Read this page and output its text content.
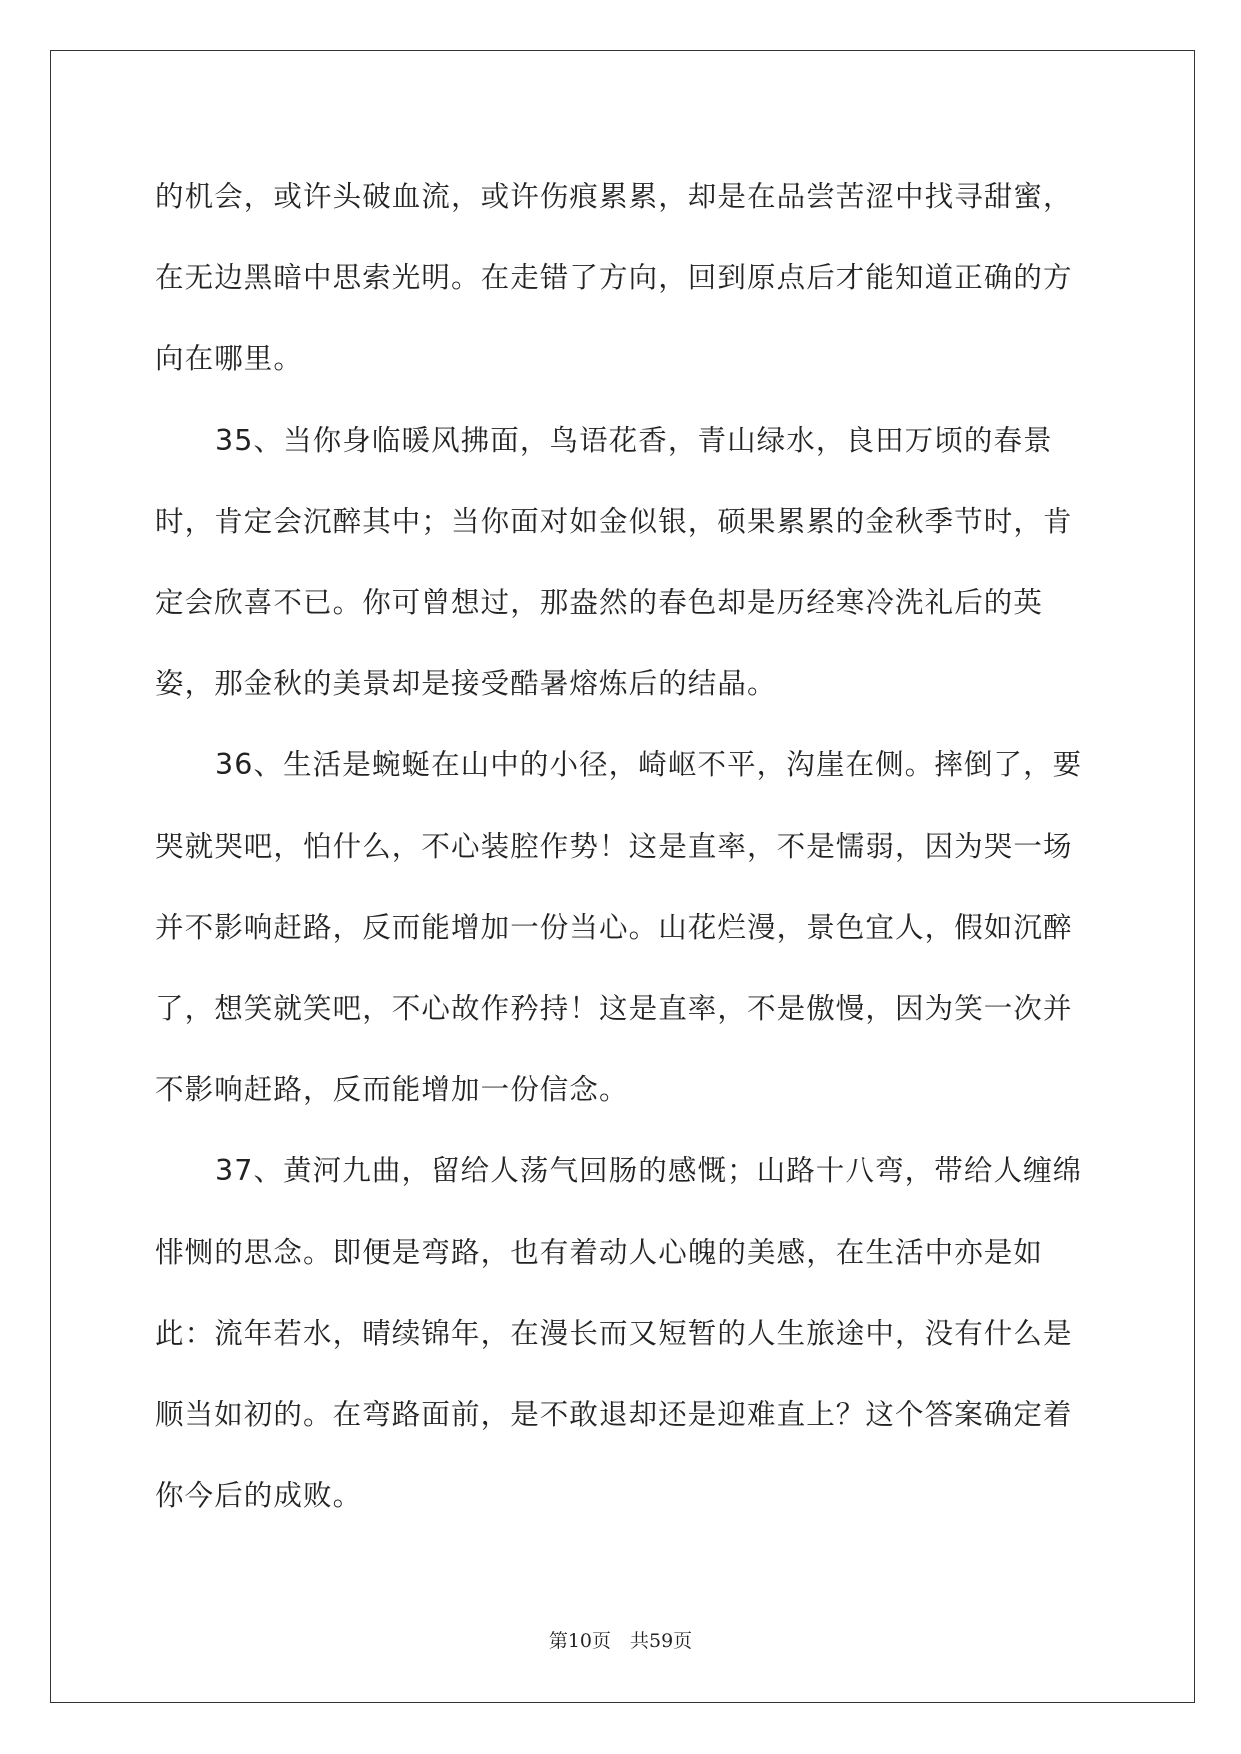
的机会，或许头破血流，或许伤痕累累，却是在品尝苦涩中找寻甜蜜，在无边黑暗中思索光明。在走错了方向，回到原点后才能知道正确的方向在哪里。

35、当你身临暖风拂面，鸟语花香，青山绿水，良田万顷的春景时，肯定会沉醉其中；当你面对如金似银，硕果累累的金秋季节时，肯定会欣喜不已。你可曾想过，那盎然的春色却是历经寒冷洗礼后的英姿，那金秋的美景却是接受酷暑熔炼后的结晶。

36、生活是蜿蜒在山中的小径，崎岖不平，沟崖在侧。摔倒了，要哭就哭吧，怕什么，不心装腔作势！这是直率，不是懦弱，因为哭一场并不影响赶路，反而能增加一份当心。山花烂漫，景色宜人，假如沉醉了，想笑就笑吧，不心故作矜持！这是直率，不是傲慢，因为笑一次并不影响赶路，反而能增加一份信念。

37、黄河九曲，留给人荡气回肠的感慨；山路十八弯，带给人缠绵悱恻的思念。即便是弯路，也有着动人心魄的美感，在生活中亦是如此：流年若水，晴续锦年，在漫长而又短暂的人生旅途中，没有什么是顺当如初的。在弯路面前，是不敢退却还是迎难直上？这个答案确定着你今后的成败。

第10页　共59页
